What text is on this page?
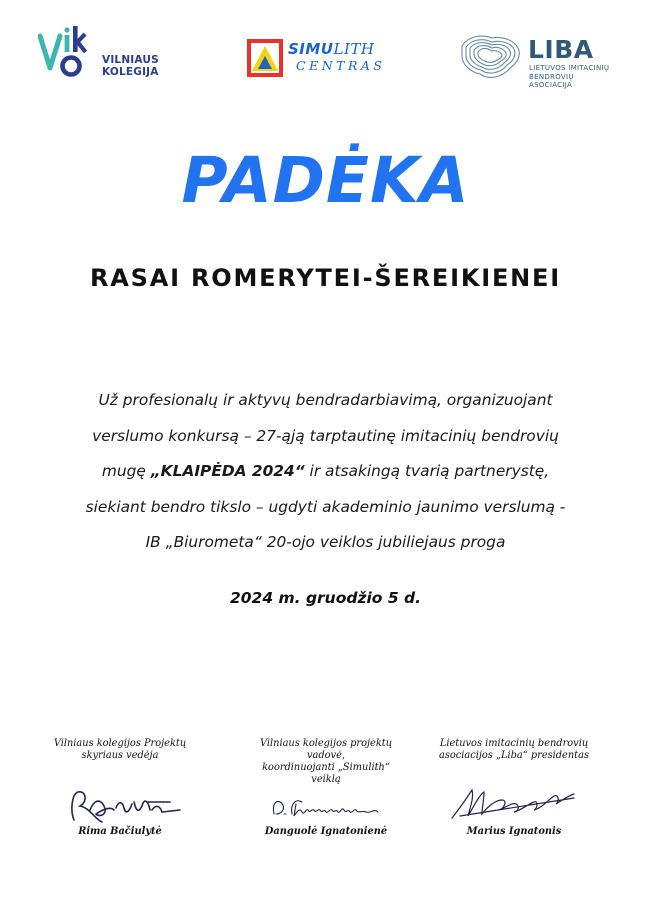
VILNIAUS
KOLEGIJA
SIMULITH
CENTRAS
LIBA
LIETUVOS IMITACINIŲ
BENDROVIŲ ASOCIACIJA
PADĖKA
RASAI ROMERYTEI-ŠEREIKIENEI
Už profesionalų ir aktyvų bendradarbiavimą, organizuojant
verslumo konkursą – 27-ąją tarptautinę imitacinių bendrovių
mugę „KLAIPĖDA 2024“ ir atsakingą tvarią partnerystę,
siekiant bendro tikslo – ugdyti akademinio jaunimo verslumą -
IB „Biurometa“ 20-ojo veiklos jubiliejaus proga
2024 m. gruodžio 5 d.
Vilniaus kolegijos Projektų
skyriaus vedėja
Rima Bačiulytė
Vilniaus kolegijos projektų
vadovė,
koordinuojanti „Simulith“
veiklą
Danguolė Ignatonienė
Lietuvos imitacinių bendrovių
asociacijos „Liba“ presidentas
Marius Ignatonis
